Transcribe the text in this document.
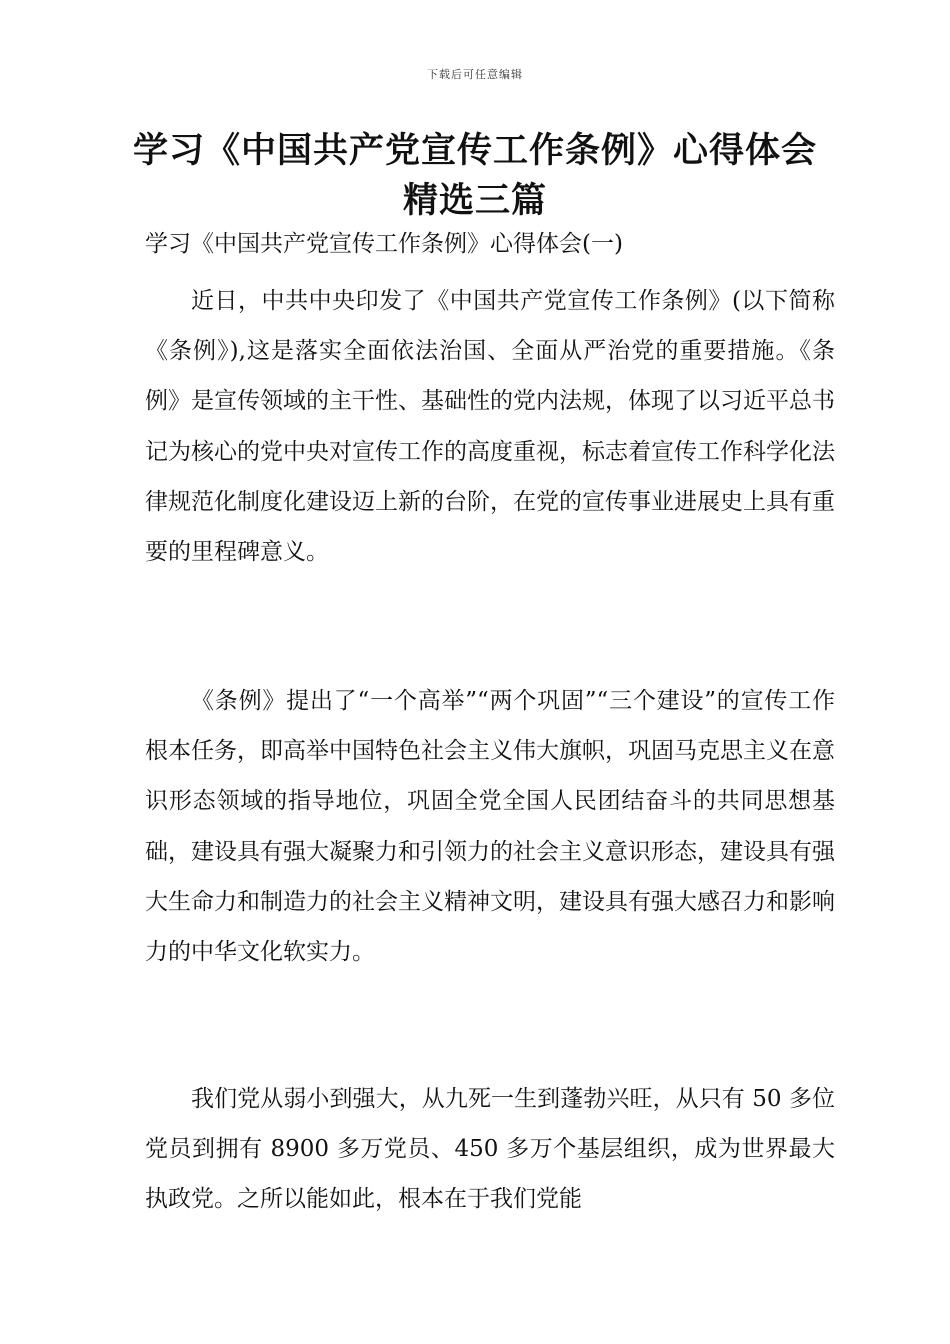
下载后可任意编辑
学习《中国共产党宣传工作条例》心得体会精选三篇

学习《中国共产党宣传工作条例》心得体会(一)

近日，中共中央印发了《中国共产党宣传工作条例》(以下简称《条例》),这是落实全面依法治国、全面从严治党的重要措施。《条例》是宣传领域的主干性、基础性的党内法规，体现了以习近平总书记为核心的党中央对宣传工作的高度重视，标志着宣传工作科学化法律规范化制度化建设迈上新的台阶，在党的宣传事业进展史上具有重要的里程碑意义。

《条例》提出了“一个高举”“两个巩固”“三个建设”的宣传工作根本任务，即高举中国特色社会主义伟大旗帜，巩固马克思主义在意识形态领域的指导地位，巩固全党全国人民团结奋斗的共同思想基础，建设具有强大凝聚力和引领力的社会主义意识形态，建设具有强大生命力和制造力的社会主义精神文明，建设具有强大感召力和影响力的中华文化软实力。

我们党从弱小到强大，从九死一生到蓬勃兴旺，从只有 50 多位党员到拥有 8900 多万党员、450 多万个基层组织，成为世界最大执政党。之所以能如此，根本在于我们党能
